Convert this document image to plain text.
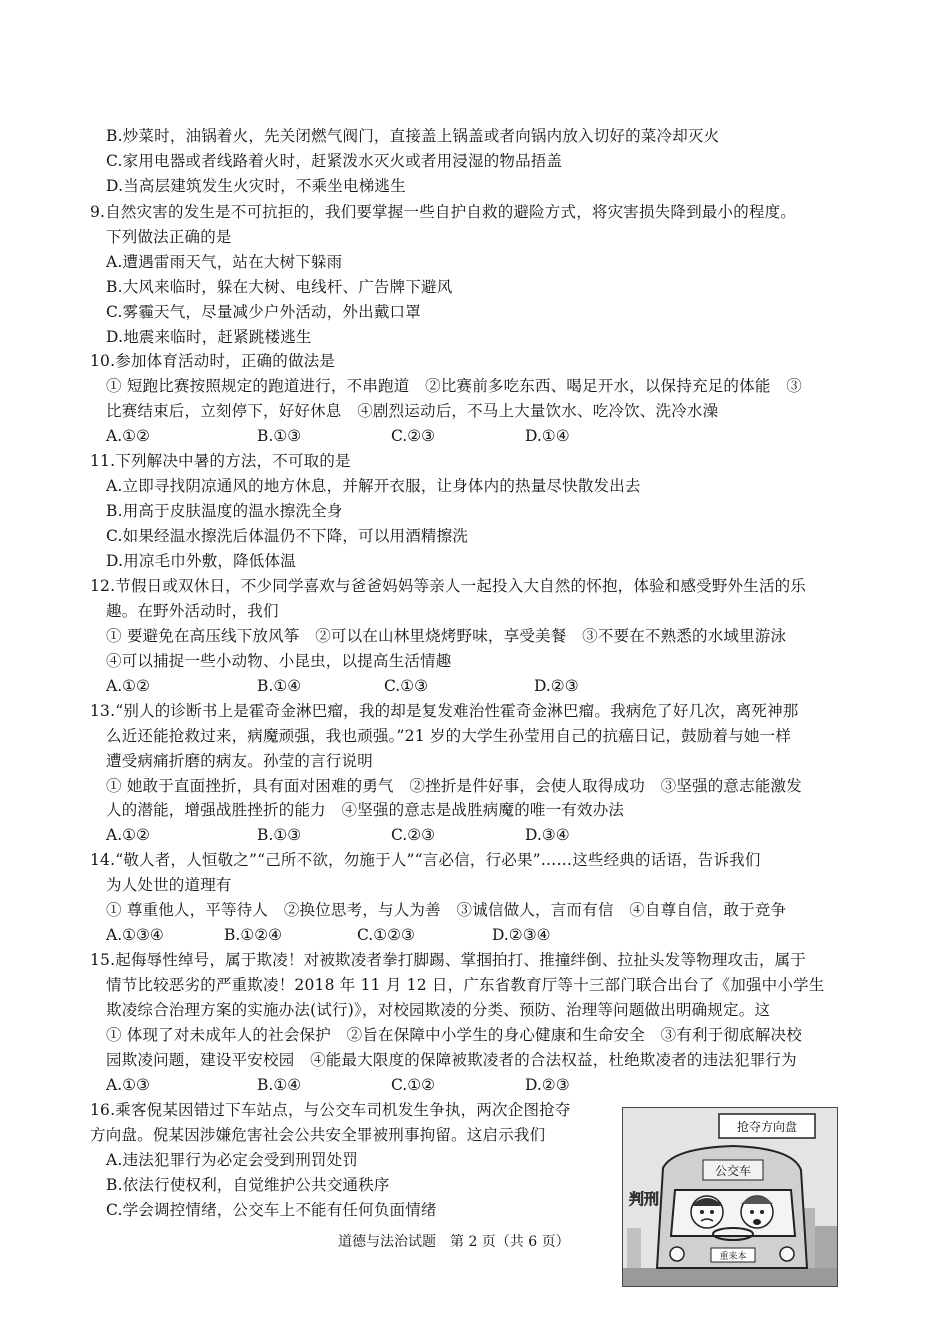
B.炒菜时，油锅着火，先关闭燃气阀门，直接盖上锅盖或者向锅内放入切好的菜冷却灭火
C.家用电器或者线路着火时，赶紧泼水灭火或者用浸湿的物品捂盖
D.当高层建筑发生火灾时，不乘坐电梯逃生
9.自然灾害的发生是不可抗拒的，我们要掌握一些自护自救的避险方式，将灾害损失降到最小的程度。
下列做法正确的是
A.遭遇雷雨天气，站在大树下躲雨
B.大风来临时，躲在大树、电线杆、广告牌下避风
C.雾霾天气，尽量减少户外活动，外出戴口罩
D.地震来临时，赶紧跳楼逃生
10.参加体育活动时，正确的做法是
① 短跑比赛按照规定的跑道进行，不串跑道　②比赛前多吃东西、喝足开水，以保持充足的体能　③
比赛结束后，立刻停下，好好休息　④剧烈运动后，不马上大量饮水、吃冷饮、洗冷水澡
A.①②	B.①③	C.②③	D.①④
11.下列解决中暑的方法，不可取的是
A.立即寻找阴凉通风的地方休息，并解开衣服，让身体内的热量尽快散发出去
B.用高于皮肤温度的温水擦洗全身
C.如果经温水擦洗后体温仍不下降，可以用酒精擦洗
D.用凉毛巾外敷，降低体温
12.节假日或双休日，不少同学喜欢与爸爸妈妈等亲人一起投入大自然的怀抱，体验和感受野外生活的乐
趣。在野外活动时，我们
① 要避免在高压线下放风筝　②可以在山林里烧烤野味，享受美餐　③不要在不熟悉的水域里游泳
④可以捕捉一些小动物、小昆虫，以提高生活情趣
A.①②	B.①④	C.①③	D.②③
13.“别人的诊断书上是霍奇金淋巴瘤，我的却是复发难治性霍奇金淋巴瘤。我病危了好几次，离死神那
么近还能抢救过来，病魔顽强，我也顽强。”21 岁的大学生孙莹用自己的抗癌日记，鼓励着与她一样
遭受病痛折磨的病友。孙莹的言行说明
① 她敢于直面挫折，具有面对困难的勇气　②挫折是件好事，会使人取得成功　③坚强的意志能激发
人的潜能，增强战胜挫折的能力　④坚强的意志是战胜病魔的唯一有效办法
A.①②	B.①③	C.②③	D.③④
14.“敬人者，人恒敬之”“己所不欲，勿施于人”“言必信，行必果”……这些经典的话语，告诉我们
为人处世的道理有
① 尊重他人，平等待人　②换位思考，与人为善　③诚信做人，言而有信　④自尊自信，敢于竞争
A.①③④	B.①②④	C.①②③	D.②③④
15.起侮辱性绰号，属于欺凌！对被欺凌者拳打脚踢、掌掴拍打、推撞绊倒、拉扯头发等物理攻击，属于
情节比较恶劣的严重欺凌！2018 年 11 月 12 日，广东省教育厅等十三部门联合出台了《加强中小学生
欺凌综合治理方案的实施办法(试行)》，对校园欺凌的分类、预防、治理等问题做出明确规定。这
① 体现了对未成年人的社会保护　②旨在保障中小学生的身心健康和生命安全　③有利于彻底解决校
园欺凌问题，建设平安校园　④能最大限度的保障被欺凌者的合法权益，杜绝欺凌者的违法犯罪行为
A.①③	B.①④	C.①②	D.②③
16.乘客倪某因错过下车站点，与公交车司机发生争执，两次企图抢夺
方向盘。倪某因涉嫌危害社会公共安全罪被刑事拘留。这启示我们
A.违法犯罪行为必定会受到刑罚处罚
B.依法行使权利，自觉维护公共交通秩序
C.学会调控情绪，公交车上不能有任何负面情绪
抢夺方向盘
公交车
判刑
重来本
道德与法治试题　第 2 页（共 6 页）
